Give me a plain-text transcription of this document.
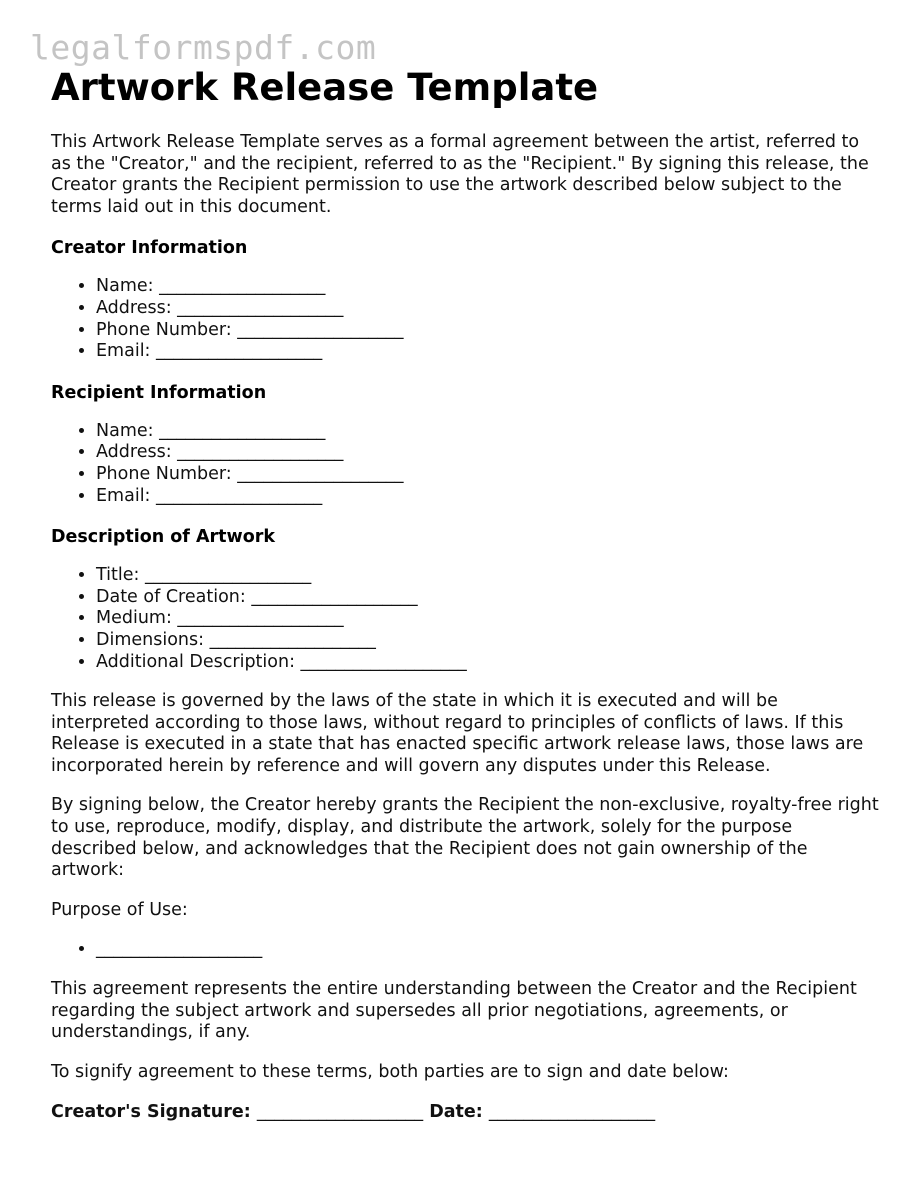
legalformspdf.com
Artwork Release Template

This Artwork Release Template serves as a formal agreement between the artist, referred to as the "Creator," and the recipient, referred to as the "Recipient." By signing this release, the Creator grants the Recipient permission to use the artwork described below subject to the terms laid out in this document.

Creator Information
• Name: ___________________
• Address: ___________________
• Phone Number: ___________________
• Email: ___________________
Recipient Information
• Name: ___________________
• Address: ___________________
• Phone Number: ___________________
• Email: ___________________
Description of Artwork
• Title: ___________________
• Date of Creation: ___________________
• Medium: ___________________
• Dimensions: ___________________
• Additional Description: ___________________

This release is governed by the laws of the state in which it is executed and will be interpreted according to those laws, without regard to principles of conflicts of laws. If this Release is executed in a state that has enacted specific artwork release laws, those laws are incorporated herein by reference and will govern any disputes under this Release.

By signing below, the Creator hereby grants the Recipient the non-exclusive, royalty-free right to use, reproduce, modify, display, and distribute the artwork, solely for the purpose described below, and acknowledges that the Recipient does not gain ownership of the artwork:

Purpose of Use:

• ___________________

This agreement represents the entire understanding between the Creator and the Recipient regarding the subject artwork and supersedes all prior negotiations, agreements, or understandings, if any.

To signify agreement to these terms, both parties are to sign and date below:

Creator's Signature: ___________________ Date: ___________________
